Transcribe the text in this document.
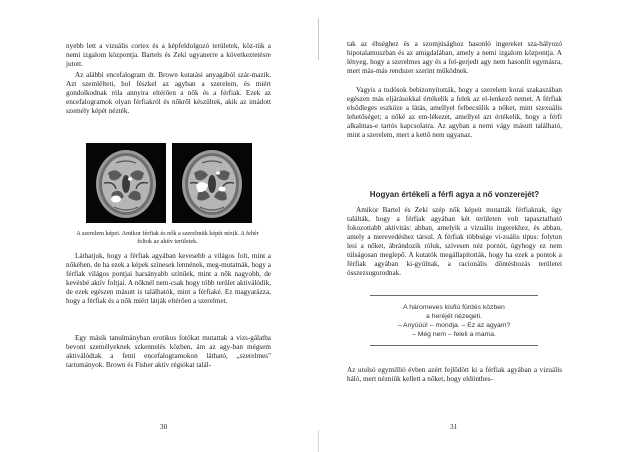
nyebb lett a vizuális cortex és a képfeldolgozó területek, köz-tük a nemi izgalom központja. Bartels és Zeki ugyanerre a következtetésre jutott.

Az alábbi encefalogram dr. Brown kutatási anyagából szár-mazik. Azt szemlélteti, hol fészkel az agyban a szerelem, és miért gondolkodnak róla annyira eltérően a nők és a férfiak. Ezek az encefalogramok olyan férfiakról és nőkről készültek, akik az imádott személy képét nézték.

A szerelem képei. Amikor férfiak és nők a szerelmük képét nézik. A fehér foltok az aktív területek.

Láthatjuk, hogy a férfiak agyában kevesebb a világos folt, mint a nőkében, de ha ezek a képek színesek lennének, meg-mutatnák, hogy a férfiak világos pontjai harsányabb színűek, mint a nők nagyobb, de kevésbé aktív foltjai. A nőknél nem-csak hogy több terület aktiválódik, de ezek egészen másutt is találhatók, mint a férfiaké. Ez magyarázza, hogy a férfiak és a nők miért látják eltérően a szerelmet.

Egy másik tanulmányban erotikus fotókat mutattak a vizs-gálatba bevont személyeknek szkennelés közben, ám az agy-ban mégsem aktiválódtak a fenti encefalogramokon látható, „szerelmes" tartományok. Brown és Fisher aktív régiókat talál-

30

tak az éhséghez és a szomjúsághoz hasonló ingereket sza-bályozó hipotalamuszban és az amigdalában, amely a nemi izgalom központja. A lényeg, hogy a szerelmes agy és a fel-gerjedt agy nem hasonlít egymásra, mert más-más rendszer szerint működnek.

Vagyis a tudósok bebizonyították, hogy a szerelem korai szakaszában egészen más eljárásokkal értékelik a felek az el-lenkező nemet. A férfiak elsődleges eszköze a látás, amellyel felbecsülik a nőket, mint szexuális lehetőséget; a nőké az em-lékezet, amellyel azt értékelik, hogy a férfi alkalmas-e tartós kapcsolatra. Az agyban a nemi vágy másutt található, mint a szerelem, mert a kettő nem ugyanaz.

Hogyan értékeli a férfi agya a nő vonzerejét?

Amikor Bartel és Zeki szép nők képeit mutatták férfiaknak, úgy találták, hogy a férfiak agyában két területen volt tapasztalható fokozottabb aktivitás: abban, amelyik a vizuális ingerekhez, és abban, amely a merevedéshez társul. A férfiak többsége vi-zuális típus: folyton lesi a nőket, ábrándozik róluk, szívesen néz pornót, úgyhogy ez nem túlságosan meglepő. A kutatók megállapították, hogy ha ezek a pontok a férfiak agyában ki-gyúlnak, a racionális döntéshozás területei összezsugorodnak.

A háromeves kisfiú fürdés közben
a heréjét nézegeti.
– Anyúúú! – mondja. – Ez az agyam?
– Még nem – feleli a mama.

Az utolsó egymillió évben azért fejlődött ki a férfiak agyában a vizuális háló, mert nézniük kellett a nőket, hogy eldönthes-

31
